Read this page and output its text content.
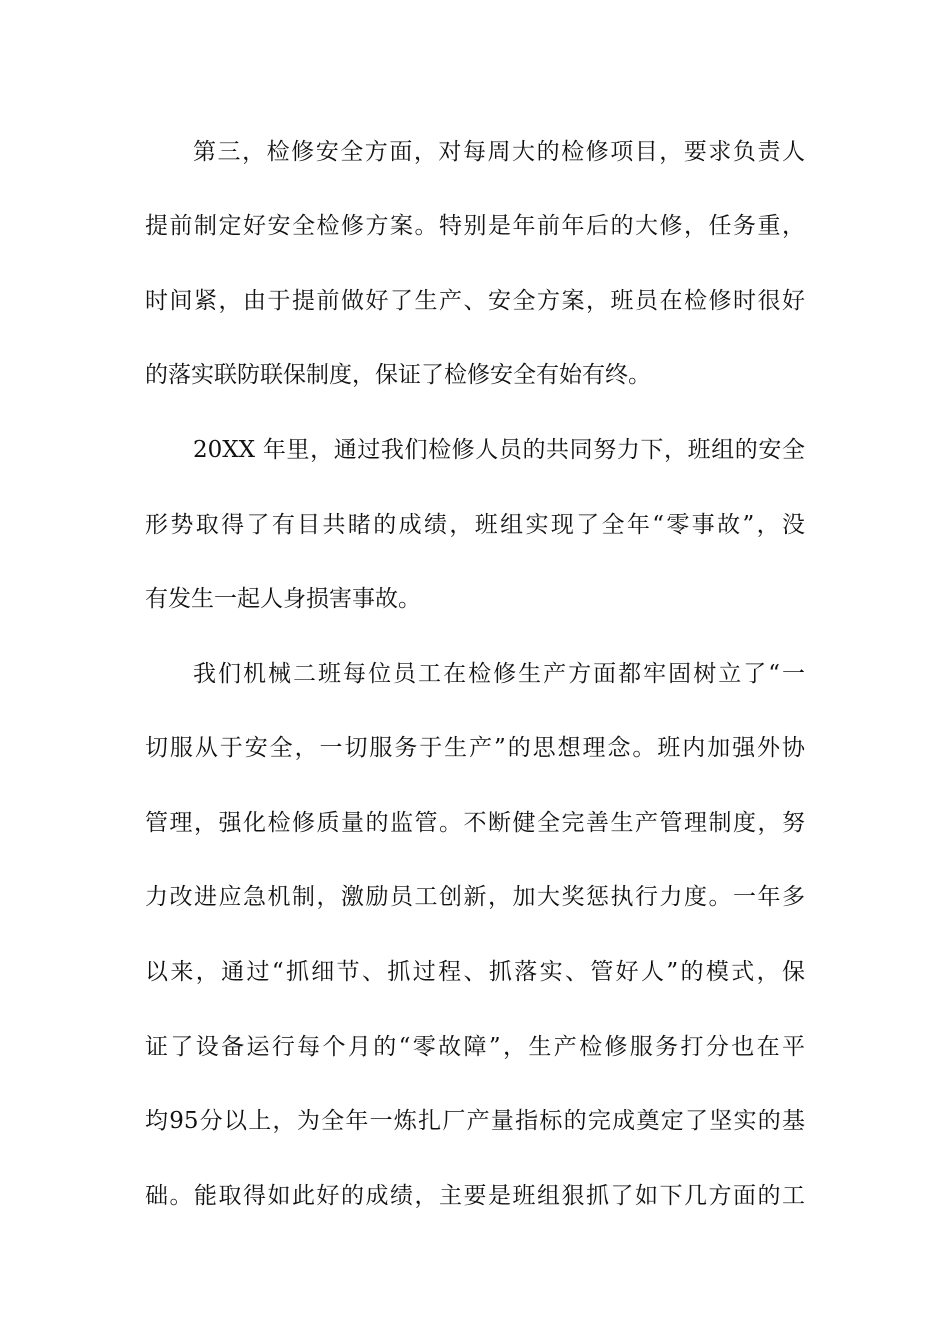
第三，检修安全方面，对每周大的检修项目，要求负责人
提前制定好安全检修方案。特别是年前年后的大修，任务重，
时间紧，由于提前做好了生产、安全方案，班员在检修时很好
的落实联防联保制度，保证了检修安全有始有终。
20XX 年里，通过我们检修人员的共同努力下，班组的安全
形势取得了有目共睹的成绩，班组实现了全年“零事故”，没
有发生一起人身损害事故。
我们机械二班每位员工在检修生产方面都牢固树立了“一
切服从于安全，一切服务于生产”的思想理念。班内加强外协
管理，强化检修质量的监管。不断健全完善生产管理制度，努
力改进应急机制，激励员工创新，加大奖惩执行力度。一年多
以来，通过“抓细节、抓过程、抓落实、管好人”的模式，保
证了设备运行每个月的“零故障”，生产检修服务打分也在平
均95分以上，为全年一炼扎厂产量指标的完成奠定了坚实的基
础。能取得如此好的成绩，主要是班组狠抓了如下几方面的工
